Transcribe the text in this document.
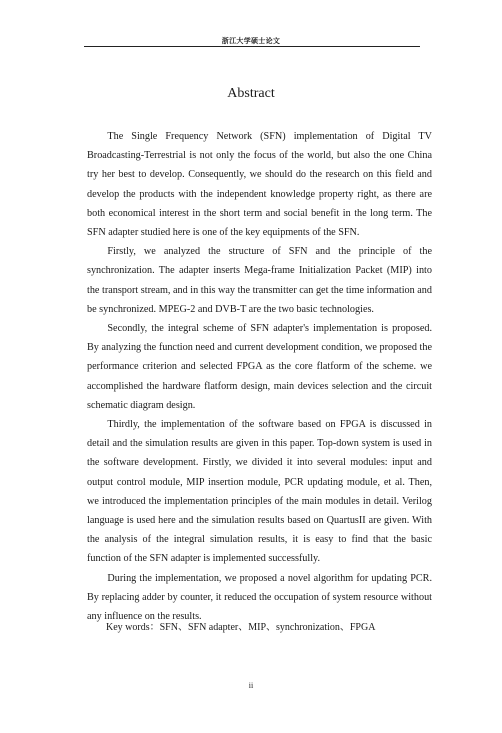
浙江大学硕士论文
Abstract

The Single Frequency Network (SFN) implementation of Digital TV Broadcasting-Terrestrial is not only the focus of the world, but also the one China try her best to develop. Consequently, we should do the research on this field and develop the products with the independent knowledge property right, as there are both economical interest in the short term and social benefit in the long term. The SFN adapter studied here is one of the key equipments of the SFN.

Firstly, we analyzed the structure of SFN and the principle of the synchronization. The adapter inserts Mega-frame Initialization Packet (MIP) into the transport stream, and in this way the transmitter can get the time information and be synchronized. MPEG-2 and DVB-T are the two basic technologies.

Secondly, the integral scheme of SFN adapter's implementation is proposed. By analyzing the function need and current development condition, we proposed the performance criterion and selected FPGA as the core flatform of the scheme. we accomplished the hardware flatform design, main devices selection and the circuit schematic diagram design.

Thirdly, the implementation of the software based on FPGA is discussed in detail and the simulation results are given in this paper. Top-down system is used in the software development. Firstly, we divided it into several modules: input and output control module, MIP insertion module, PCR updating module, et al. Then, we introduced the implementation principles of the main modules in detail. Verilog language is used here and the simulation results based on QuartusII are given. With the analysis of the integral simulation results, it is easy to find that the basic function of the SFN adapter is implemented successfully.

During the implementation, we proposed a novel algorithm for updating PCR. By replacing adder by counter, it reduced the occupation of system resource without any influence on the results.

Key words：SFN、SFN adapter、MIP、synchronization、FPGA
ii
